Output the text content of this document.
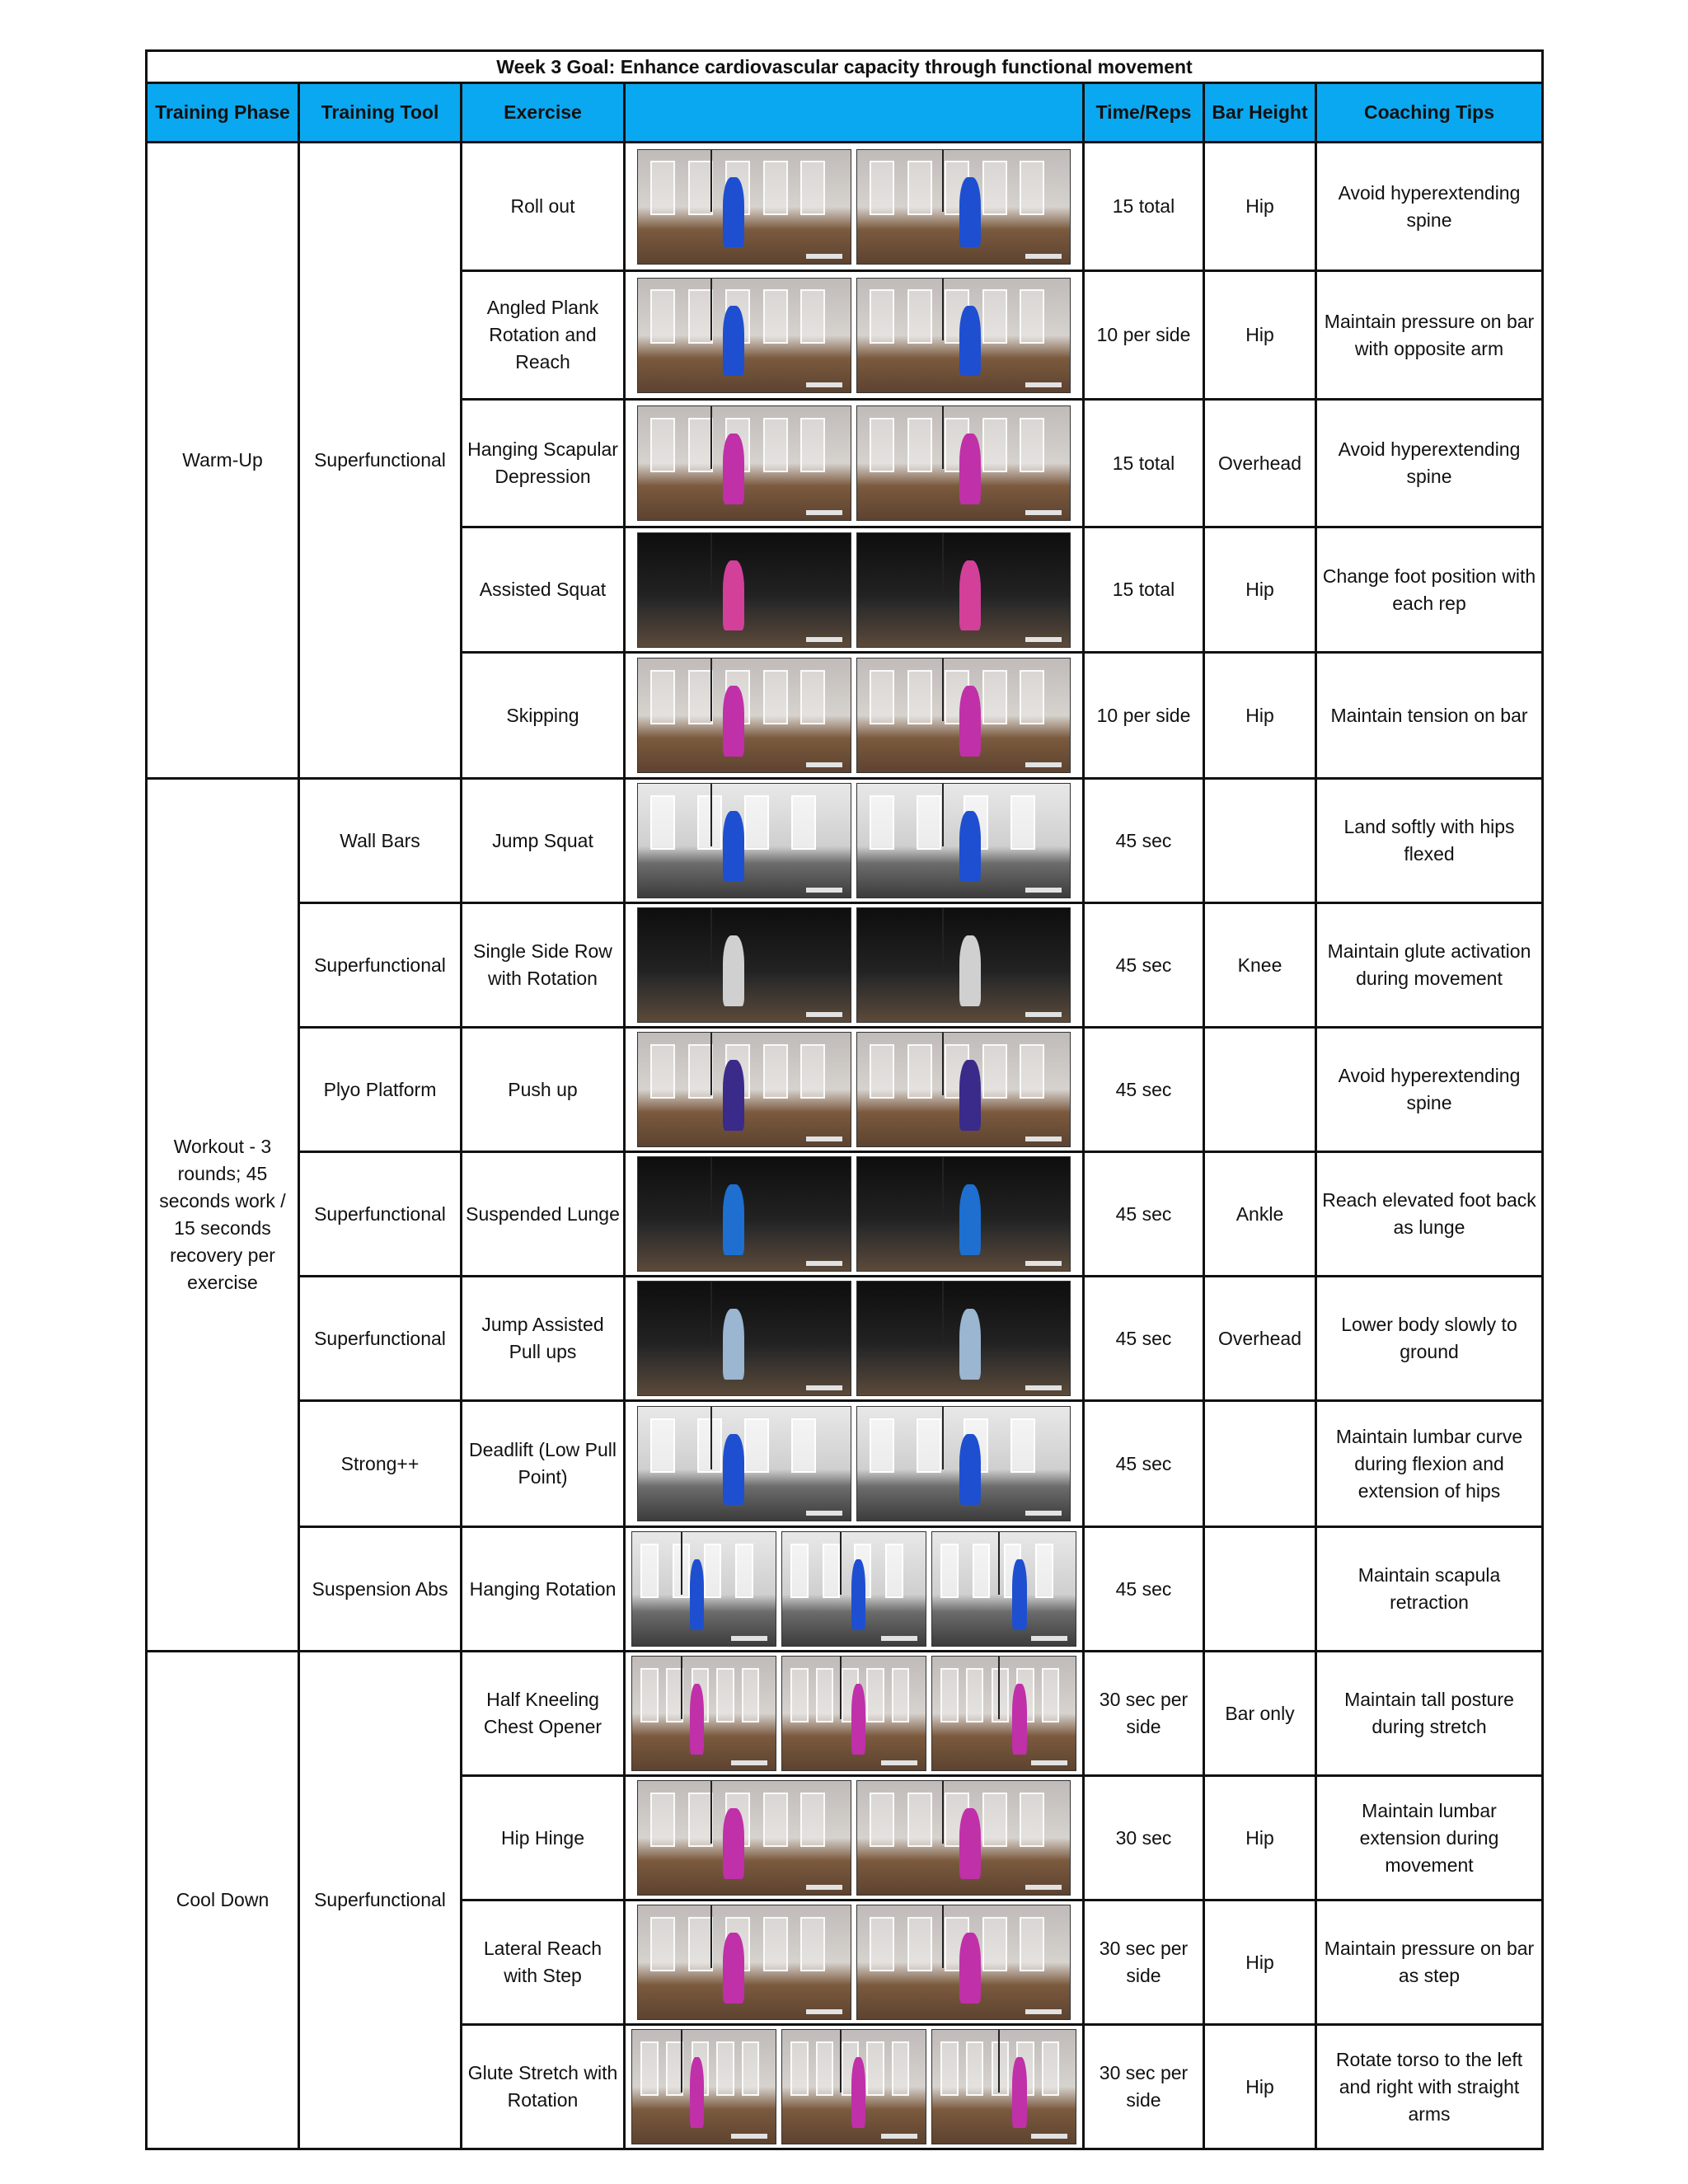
Week 3 Goal: Enhance cardiovascular capacity through functional movement						
Training Phase	Training Tool	Exercise		Time/Reps	Bar Height	Coaching Tips
Warm-Up	Superfunctional	Roll out		15 total	Hip	Avoid hyperextending spine
		Angled Plank Rotation and Reach		10 per side	Hip	Maintain pressure on bar with opposite arm
		Hanging Scapular Depression		15 total	Overhead	Avoid hyperextending spine
		Assisted Squat		15 total	Hip	Change foot position with each rep
		Skipping		10 per side	Hip	Maintain tension on bar
Workout - 3 rounds; 45 seconds work / 15 seconds recovery per exercise	Wall Bars	Jump Squat		45 sec		Land softly with hips flexed
	Superfunctional	Single Side Row with Rotation		45 sec	Knee	Maintain glute activation during movement
	Plyo Platform	Push up		45 sec		Avoid hyperextending spine
	Superfunctional	Suspended Lunge		45 sec	Ankle	Reach elevated foot back as lunge
	Superfunctional	Jump Assisted Pull ups		45 sec	Overhead	Lower body slowly to ground
	Strong++	Deadlift (Low Pull Point)		45 sec		Maintain lumbar curve during flexion and extension of hips
	Suspension Abs	Hanging Rotation		45 sec		Maintain scapula retraction
Cool Down	Superfunctional	Half Kneeling Chest Opener		30 sec per side	Bar only	Maintain tall posture during stretch
		Hip Hinge		30 sec	Hip	Maintain lumbar extension during movement
		Lateral Reach with Step		30 sec per side	Hip	Maintain pressure on bar as step
		Glute Stretch with Rotation		30 sec per side	Hip	Rotate torso to the left and right with straight arms
